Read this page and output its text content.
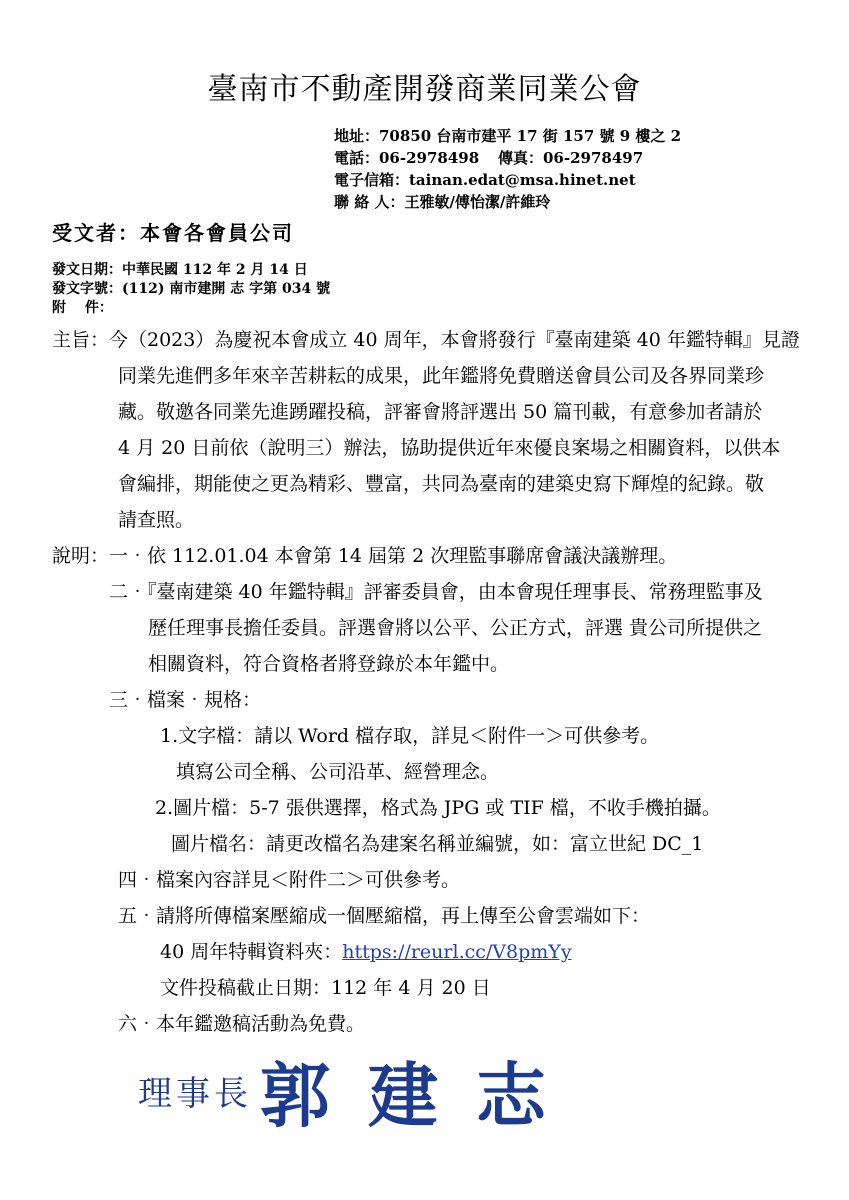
臺南市不動產開發商業同業公會
地址：70850 台南市建平 17 街 157 號 9 樓之 2
電話：06-2978498 傳真：06-2978497
電子信箱：tainan.edat@msa.hinet.net
聯 絡 人：王雅敏/傅怡潔/許維玲
受文者：本會各會員公司
發文日期：中華民國 112 年 2 月 14 日
發文字號：(112) 南市建開 志 字第 034 號
附　 件：
主旨： 今（2023）為慶祝本會成立 40 周年，本會將發行『臺南建築 40 年鑑特輯』見證
同業先進們多年來辛苦耕耘的成果，此年鑑將免費贈送會員公司及各界同業珍
藏。敬邀各同業先進踴躍投稿，評審會將評選出 50 篇刊載，有意參加者請於
4 月 20 日前依（說明三）辦法，協助提供近年來優良案場之相關資料，以供本
會編排，期能使之更為精彩、豐富，共同為臺南的建築史寫下輝煌的紀錄。敬
請查照。
說明： 一‧依 112.01.04 本會第 14 屆第 2 次理監事聯席會議決議辦理。
二‧『臺南建築 40 年鑑特輯』評審委員會，由本會現任理事長、常務理監事及
歷任理事長擔任委員。評選會將以公平、公正方式，評選 貴公司所提供之
相關資料，符合資格者將登錄於本年鑑中。
三‧檔案‧規格：
1.文字檔：請以 Word 檔存取，詳見＜附件一＞可供參考。
填寫公司全稱、公司沿革、經營理念。
2.圖片檔：5-7 張供選擇，格式為 JPG 或 TIF 檔，不收手機拍攝。
圖片檔名：請更改檔名為建案名稱並編號，如：富立世紀 DC_1
四‧檔案內容詳見＜附件二＞可供參考。
五‧請將所傳檔案壓縮成一個壓縮檔，再上傳至公會雲端如下：
40 周年特輯資料夾：https://reurl.cc/V8pmYy
文件投稿截止日期：112 年 4 月 20 日
六‧本年鑑邀稿活動為免費。
理事長 郭建志
